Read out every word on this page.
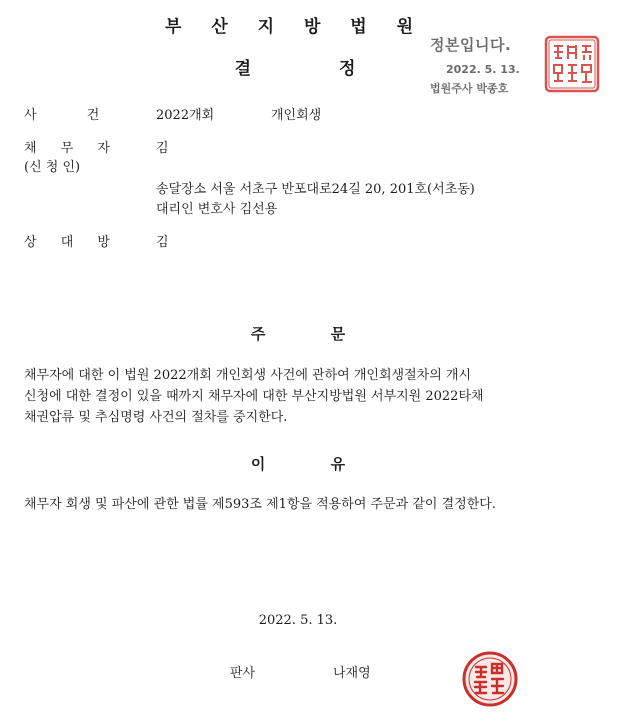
부 산 지 방 법 원
결 정
정본입니다.
2022. 5. 13.
법원주사 박종호
사 건	2022개회	개인회생
채 무 자	김
(신 청 인)
송달장소 서울 서초구 반포대로24길 20, 201호(서초동)
대리인 변호사 김선용
상 대 방	김
주 문
채무자에 대한 이 법원 2022개회 개인회생 사건에 관하여 개인회생절차의 개시
신청에 대한 결정이 있을 때까지 채무자에 대한 부산지방법원 서부지원 2022타채
채권압류 및 추심명령 사건의 절차를 중지한다.
이 유
채무자 회생 및 파산에 관한 법률 제593조 제1항을 적용하여 주문과 같이 결정한다.
2022. 5. 13.
판사	나재영
